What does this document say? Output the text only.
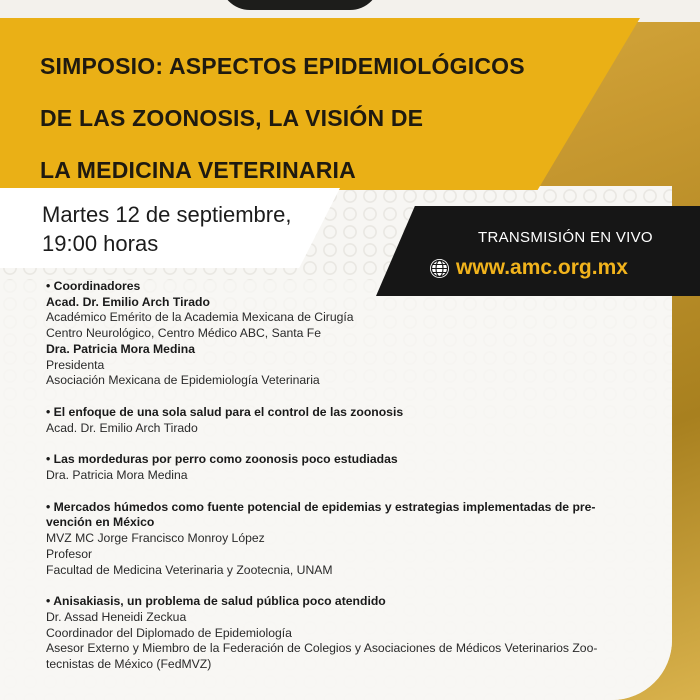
SIMPOSIO: ASPECTOS EPIDEMIOLÓGICOS
DE LAS ZOONOSIS, LA VISIÓN DE
LA MEDICINA VETERINARIA
Martes 12 de septiembre,
19:00 horas	TRANSMISIÓN EN VIVO
www.amc.org.mx
• Coordinadores
Acad. Dr. Emilio Arch Tirado
Académico Emérito de la Academia Mexicana de Cirugía
Centro Neurológico, Centro Médico ABC, Santa Fe
Dra. Patricia Mora Medina
Presidenta
Asociación Mexicana de Epidemiología Veterinaria
• El enfoque de una sola salud para el control de las zoonosis
Acad. Dr. Emilio Arch Tirado
• Las mordeduras por perro como zoonosis poco estudiadas
Dra. Patricia Mora Medina
• Mercados húmedos como fuente potencial de epidemias y estrategias implementadas de pre-
vención en México
MVZ MC Jorge Francisco Monroy López
Profesor
Facultad de Medicina Veterinaria y Zootecnia, UNAM
• Anisakiasis, un problema de salud pública poco atendido
Dr. Assad Heneidi Zeckua
Coordinador del Diplomado de Epidemiología
Asesor Externo y Miembro de la Federación de Colegios y Asociaciones de Médicos Veterinarios Zoo-
tecnistas de México (FedMVZ)
